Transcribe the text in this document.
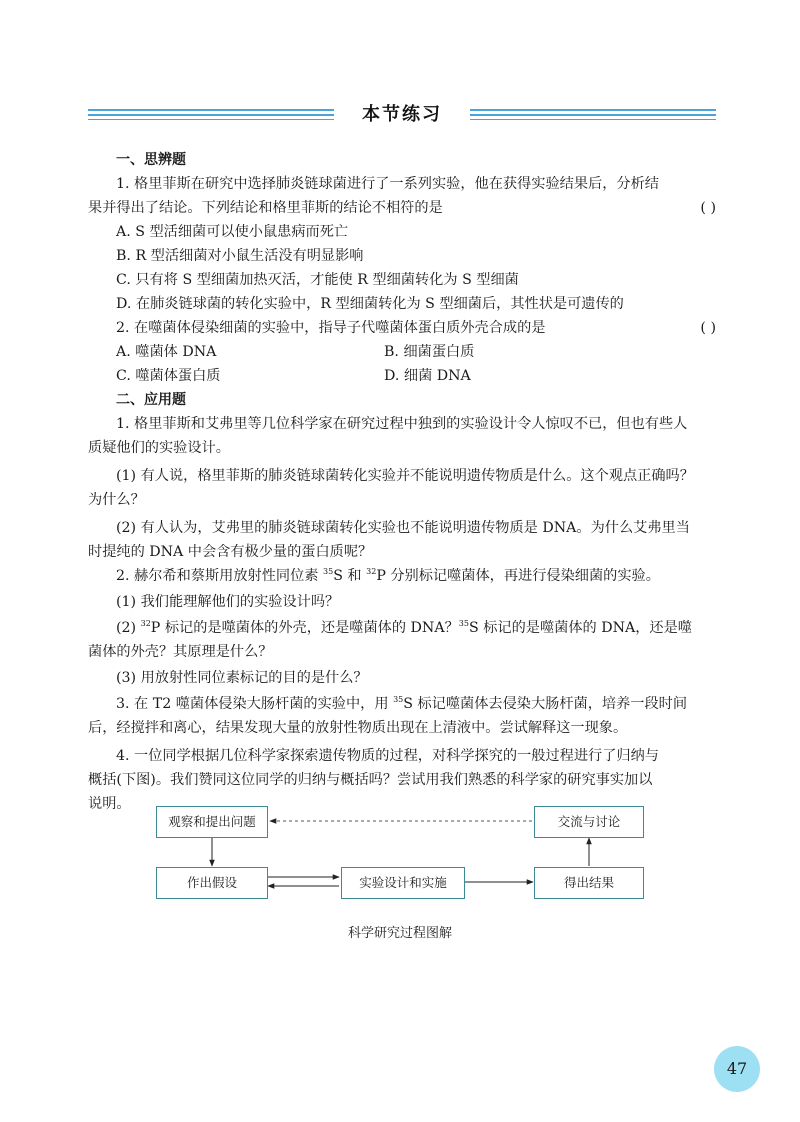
本节练习
一、思辨题
1. 格里菲斯在研究中选择肺炎链球菌进行了一系列实验，他在获得实验结果后，分析结
果并得出了结论。下列结论和格里菲斯的结论不相符的是	( )
A. S 型活细菌可以使小鼠患病而死亡
B. R 型活细菌对小鼠生活没有明显影响
C. 只有将 S 型细菌加热灭活，才能使 R 型细菌转化为 S 型细菌
D. 在肺炎链球菌的转化实验中，R 型细菌转化为 S 型细菌后，其性状是可遗传的
2. 在噬菌体侵染细菌的实验中，指导子代噬菌体蛋白质外壳合成的是	( )
A. 噬菌体 DNA	B. 细菌蛋白质
C. 噬菌体蛋白质	D. 细菌 DNA
二、应用题
1. 格里菲斯和艾弗里等几位科学家在研究过程中独到的实验设计令人惊叹不已，但也有些人
质疑他们的实验设计。
(1) 有人说，格里菲斯的肺炎链球菌转化实验并不能说明遗传物质是什么。这个观点正确吗？
为什么？
(2) 有人认为，艾弗里的肺炎链球菌转化实验也不能说明遗传物质是 DNA。为什么艾弗里当
时提纯的 DNA 中会含有极少量的蛋白质呢？
2. 赫尔希和蔡斯用放射性同位素 $^{35}$S 和 $^{32}$P 分别标记噬菌体，再进行侵染细菌的实验。
(1) 我们能理解他们的实验设计吗？
(2) $^{32}$P 标记的是噬菌体的外壳，还是噬菌体的 DNA？$^{35}$S 标记的是噬菌体的 DNA，还是噬
菌体的外壳？其原理是什么？
(3) 用放射性同位素标记的目的是什么？
3. 在 T2 噬菌体侵染大肠杆菌的实验中，用 $^{35}$S 标记噬菌体去侵染大肠杆菌，培养一段时间
后，经搅拌和离心，结果发现大量的放射性物质出现在上清液中。尝试解释这一现象。
4. 一位同学根据几位科学家探索遗传物质的过程，对科学探究的一般过程进行了归纳与
概括(下图)。我们赞同这位同学的归纳与概括吗？尝试用我们熟悉的科学家的研究事实加以
说明。
观察和提出问题	交流与讨论
作出假设	实验设计和实施	得出结果
科学研究过程图解
47
